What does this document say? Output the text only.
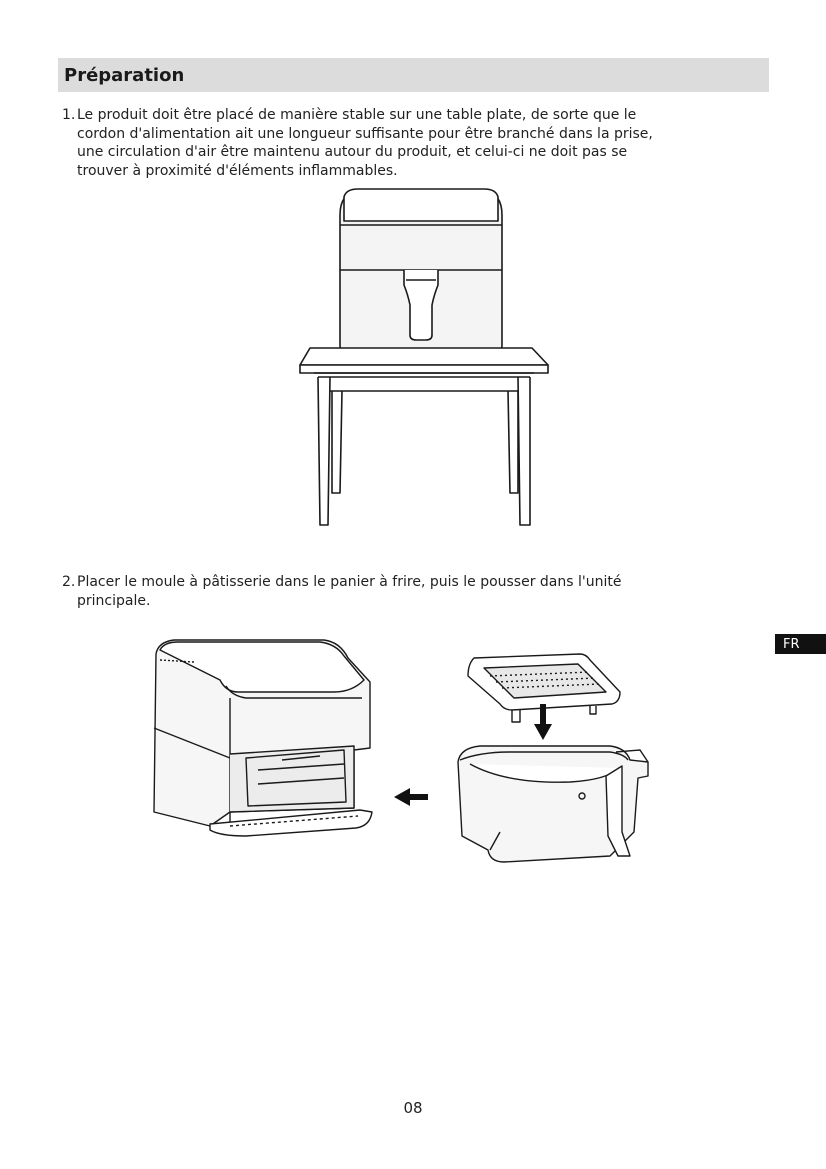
Préparation
1. Le produit doit être placé de manière stable sur une table plate, de sorte que le
cordon d'alimentation ait une longueur suffisante pour être branché dans la prise,
une circulation d'air être maintenu autour du produit, et celui-ci ne doit pas se
trouver à proximité d'éléments inflammables.
2. Placer le moule à pâtisserie dans le panier à frire, puis le pousser dans l'unité
principale.
FR
08
